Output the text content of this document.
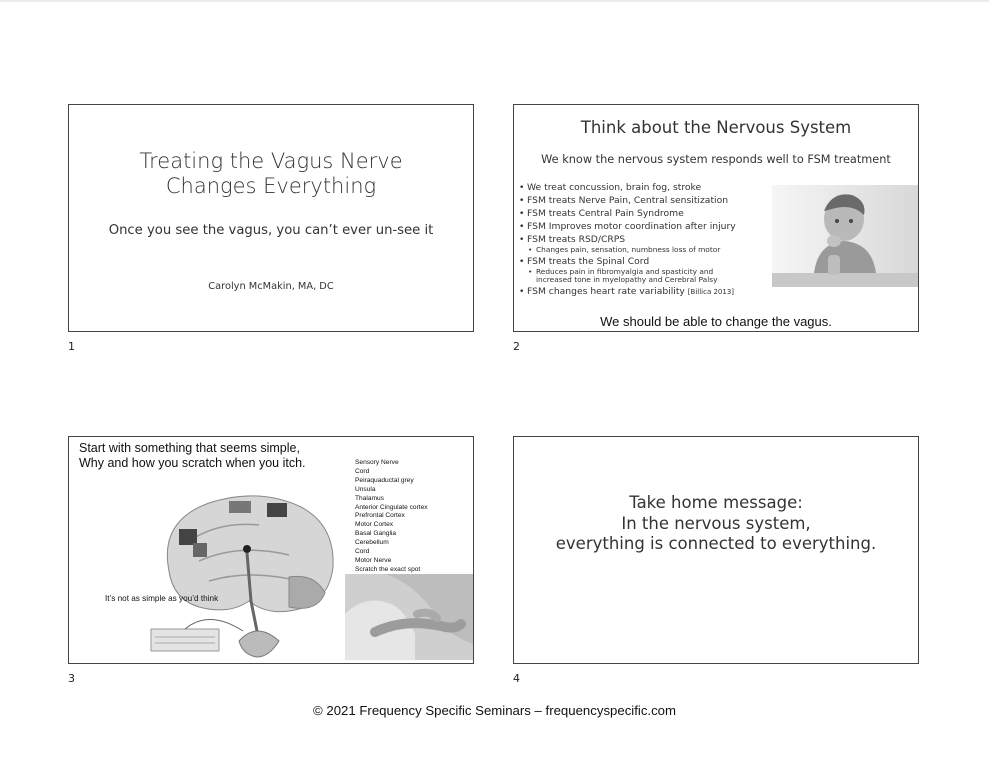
Treating the Vagus Nerve
Changes Everything
Once you see the vagus, you can’t ever un-see it
Carolyn McMakin, MA, DC
1
Think about the Nervous System
We know the nervous system responds well to FSM treatment
• We treat concussion, brain fog, stroke
• FSM treats Nerve Pain, Central sensitization
• FSM treats Central Pain Syndrome
• FSM Improves motor coordination after injury
• FSM treats RSD/CRPS
• Changes pain, sensation, numbness loss of motor
• FSM treats the Spinal Cord
• Reduces pain in fibromyalgia and spasticity and
increased tone in myelopathy and Cerebral Palsy
• FSM changes heart rate variability [Billica 2013]
We should be able to change the vagus.
2
Start with something that seems simple,
Why and how you scratch when you itch.	Sensory Nerve
Cord
Peiraquaductal grey
Unsula
Thalamus
Anterior Cingulate cortex
Prefrontal Cortex
Motor Cortex
Basal Ganglia
Cerebellum
Cord
Motor Nerve
Scratch the exact spot
It’s not as simple as you’d think
3
Take home message:
In the nervous system,
everything is connected to everything.
4
© 2021 Frequency Specific Seminars – frequencyspecific.com
